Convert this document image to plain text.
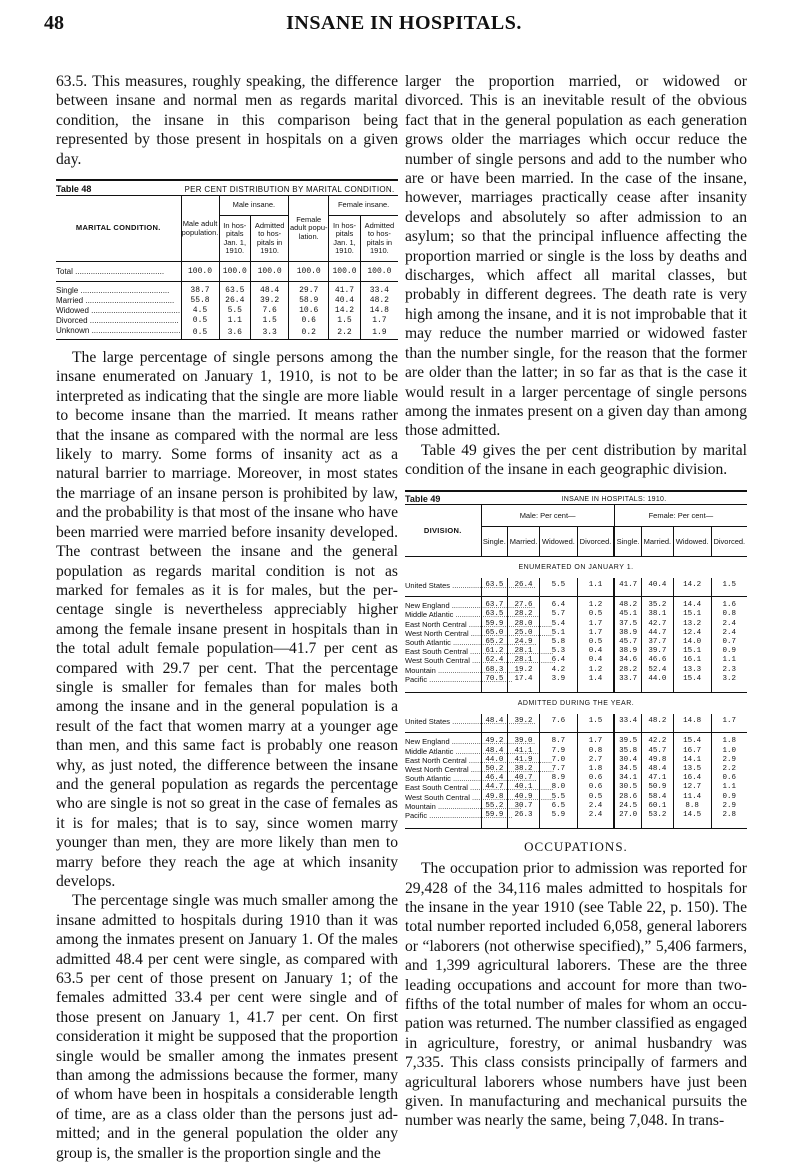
48	INSANE IN HOSPITALS.

63.5. This measures, roughly speaking, the difference between insane and normal men as regards marital condition, the insane in this comparison being represented by those present in hospitals on a given day.

Table 48	PER CENT DISTRIBUTION BY MARITAL CONDITION.					
MARITAL CONDITION.	Male adult population.	Male insane.		Female adult population.	Female insane.	
		In hospitals Jan. 1, 1910.	Admitted to hospitals in 1910.		In hospitals Jan. 1, 1910.	Admitted to hospitals in 1910.
Total .....	100.0	100.0	100.0	100.0	100.0	100.0
Single .....	38.7	63.5	48.4	29.7	41.7	33.4
Married .....	55.8	26.4	39.2	58.9	40.4	48.2
Widowed .....	4.5	5.5	7.6	10.6	14.2	14.8
Divorced .....	0.5	1.1	1.5	0.6	1.5	1.7
Unknown .....	0.5	3.6	3.3	0.2	2.2	1.9

The large percentage of single persons among the insane enumerated on January 1, 1910, is not to be interpreted as indicating that the single are more liable to become insane than the married. It means rather that the insane as compared with the normal are less likely to marry. Some forms of insanity act as a natural barrier to marriage. Moreover, in most states the marriage of an insane person is prohibited by law, and the probability is that most of the insane who have been married were married before insanity developed. The contrast between the insane and the general population as regards marital condition is not as marked for females as it is for males, but the percentage single is nevertheless appreciably higher among the female insane present in hospitals than in the total adult female population—41.7 per cent as compared with 29.7 per cent. That the percentage single is smaller for females than for males both among the insane and in the general population is a result of the fact that women marry at a younger age than men, and this same fact is probably one reason why, as just noted, the difference between the insane and the general population as regards the percentage who are single is not so great in the case of females as it is for males; that is to say, since women marry younger than men, they are more likely than men to marry before they reach the age at which insanity develops.

The percentage single was much smaller among the insane admitted to hospitals during 1910 than it was among the inmates present on January 1. Of the males admitted 48.4 per cent were single, as compared with 63.5 per cent of those present on January 1; of the females admitted 33.4 per cent were single and of those present on January 1, 41.7 per cent. On first consideration it might be supposed that the proportion single would be smaller among the inmates present than among the admissions because the former, many of whom have been in hospitals a considerable length of time, are as a class older than the persons just admitted; and in the general population the older any group is, the smaller is the proportion single and the

larger the proportion married, or widowed or divorced. This is an inevitable result of the obvious fact that in the general population as each generation grows older the marriages which occur reduce the number of single persons and add to the number who are or have been married. In the case of the insane, however, marriages practically cease after insanity develops and absolutely so after admission to an asylum; so that the principal influence affecting the proportion married or single is the loss by deaths and discharges, which affect all marital classes, but probably in different degrees. The death rate is very high among the insane, and it is not improbable that it may reduce the number married or widowed faster than the number single, for the reason that the former are older than the latter; in so far as that is the case it would result in a larger percentage of single persons among the inmates present on a given day than among those admitted.

Table 49 gives the per cent distribution by marital condition of the insane in each geographic division.

Table 49	INSANE IN HOSPITALS: 1910.							
DIVISION.	Male: Per cent—				Female: Per cent—			
	Single.	Married.	Widowed.	Divorced.	Single.	Married.	Widowed.	Divorced.
ENUMERATED ON JANUARY 1.								

United States .....	63.5	26.4	5.5	1.1	41.7	40.4	14.2	1.5

New England .....	63.7	27.6	6.4	1.2	48.2	35.2	14.4	1.6

Middle Atlantic .....	63.5	28.2	5.7	0.5	45.1	38.1	15.1	0.8

East North Central .....	59.9	28.0	5.4	1.7	37.5	42.7	13.2	2.4

West North Central .....	65.0	25.0	5.1	1.7	38.9	44.7	12.4	2.4

South Atlantic .....	65.2	24.9	5.8	0.5	45.7	37.7	14.0	0.7

East South Central .....	61.2	28.1	5.3	0.4	38.9	39.7	15.1	0.9

West South Central .....	62.4	28.1	6.4	0.4	34.6	46.6	16.1	1.1

Mountain .....	68.3	19.2	4.2	1.2	28.2	52.4	13.3	2.3

Pacific .....	70.5	17.4	3.9	1.4	33.7	44.0	15.4	3.2
ADMITTED DURING THE YEAR.								

United States .....	48.4	39.2	7.6	1.5	33.4	48.2	14.8	1.7

New England .....	49.2	39.0	8.7	1.7	39.5	42.2	15.4	1.8

Middle Atlantic .....	48.4	41.1	7.9	0.8	35.8	45.7	16.7	1.0

East North Central .....	44.0	41.9	7.0	2.7	30.4	49.8	14.1	2.9

West North Central .....	50.2	38.2	7.7	1.8	34.5	48.4	13.5	2.2

South Atlantic .....	46.4	40.7	8.9	0.6	34.1	47.1	16.4	0.6

East South Central .....	44.7	40.1	8.0	0.6	30.5	50.9	12.7	1.1

West South Central .....	49.8	40.9	5.5	0.5	28.6	58.4	11.4	0.9

Mountain .....	55.2	30.7	6.5	2.4	24.5	60.1	8.8	2.9

Pacific .....	59.9	26.3	5.9	2.4	27.0	53.2	14.5	2.8
OCCUPATIONS.

The occupation prior to admission was reported for 29,428 of the 34,116 males admitted to hospitals for the insane in the year 1910 (see Table 22, p. 150). The total number reported included 6,058, general laborers or “laborers (not otherwise specified),” 5,406 farmers, and 1,399 agricultural laborers. These are the three leading occupations and account for more than two-fifths of the total number of males for whom an occupation was returned. The number classified as engaged in agriculture, forestry, or animal husbandry was 7,335. This class consists principally of farmers and agricultural laborers whose numbers have just been given. In manufacturing and mechanical pursuits the number was nearly the same, being 7,048. In trans-
